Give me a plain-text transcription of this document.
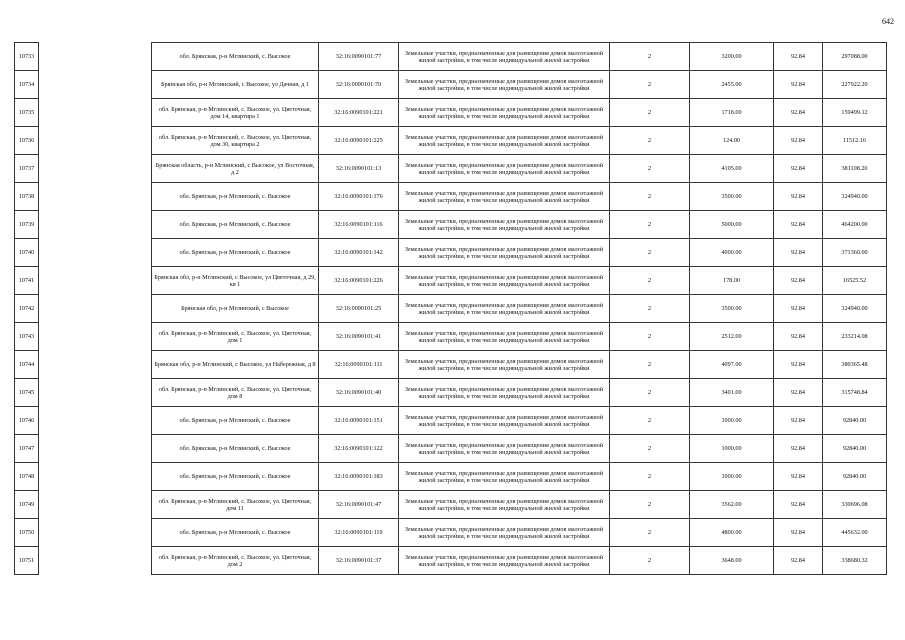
642
10733		обл. Брянская, р-н Мглинский, с. Высокое	32:16:0090101:77	Земельные участки, предназначенные для размещения домов малоэтажной жилой застройки, в том числе индивидуальной жилой застройки	2	3200.00	92.84	297088.00
10734		Брянская обл, р-н Мглинский, с Высокое, ул Дачная, д 1	32:16:0090101:70	Земельные участки, предназначенные для размещения домов малоэтажной жилой застройки, в том числе индивидуальной жилой застройки	2	2455.00	92.84	227922.20
10735		обл. Брянская, р-н Мглинский, с. Высокое, ул. Цветочная, дом 14, квартира 1	32:16:0090101:221	Земельные участки, предназначенные для размещения домов малоэтажной жилой застройки, в том числе индивидуальной жилой застройки	2	1718.00	92.84	159499.12
10736		обл. Брянская, р-н Мглинский, с. Высокое, ул. Цветочная, дом 30, квартира 2	32:16:0090101:225	Земельные участки, предназначенные для размещения домов малоэтажной жилой застройки, в том числе индивидуальной жилой застройки	2	124.00	92.84	11512.16
10737		Брянская область, р-н Мглинский, с Высокое, ул Восточная, д 2	32:16:0090101:13	Земельные участки, предназначенные для размещения домов малоэтажной жилой застройки, в том числе индивидуальной жилой застройки	2	4105.00	92.84	381108.20
10738		обл. Брянская, р-н Мглинский, с. Высокое	32:16:0090101:176	Земельные участки, предназначенные для размещения домов малоэтажной жилой застройки, в том числе индивидуальной жилой застройки	2	3500.00	92.84	324940.00
10739		обл. Брянская, р-н Мглинский, с. Высокое	32:16:0090101:116	Земельные участки, предназначенные для размещения домов малоэтажной жилой застройки, в том числе индивидуальной жилой застройки	2	5000.00	92.84	464200.00
10740		обл. Брянская, р-н Мглинский, с. Высокое	32:16:0090101:142	Земельные участки, предназначенные для размещения домов малоэтажной жилой застройки, в том числе индивидуальной жилой застройки	2	4000.00	92.84	371360.00
10741		Брянская обл, р-н Мглинский, с Высокое, ул Цветочная, д 29, кв 1	32:16:0090101:226	Земельные участки, предназначенные для размещения домов малоэтажной жилой застройки, в том числе индивидуальной жилой застройки	2	178.00	92.84	16525.52
10742		Брянская обл, р-н Мглинский, с Высокое	32:16:0090101:25	Земельные участки, предназначенные для размещения домов малоэтажной жилой застройки, в том числе индивидуальной жилой застройки	2	3500.00	92.84	324940.00
10743		обл. Брянская, р-н Мглинский, с. Высокое, ул. Цветочная, дом 1	32:16:0090101:41	Земельные участки, предназначенные для размещения домов малоэтажной жилой застройки, в том числе индивидуальной жилой застройки	2	2512.00	92.84	233214.08
10744		Брянская обл, р-н Мглинский, с Высокое, ул Набережная, д 8	32:16:0090101:111	Земельные участки, предназначенные для размещения домов малоэтажной жилой застройки, в том числе индивидуальной жилой застройки	2	4097.00	92.84	380365.48
10745		обл. Брянская, р-н Мглинский, с. Высокое, ул. Цветочная, дом 8	32:16:0090101:40	Земельные участки, предназначенные для размещения домов малоэтажной жилой застройки, в том числе индивидуальной жилой застройки	2	3401.00	92.84	315748.84
10746		обл. Брянская, р-н Мглинский, с. Высокое	32:16:0090101:151	Земельные участки, предназначенные для размещения домов малоэтажной жилой застройки, в том числе индивидуальной жилой застройки	2	1000.00	92.84	92840.00
10747		обл. Брянская, р-н Мглинский, с. Высокое	32:16:0090101:122	Земельные участки, предназначенные для размещения домов малоэтажной жилой застройки, в том числе индивидуальной жилой застройки	2	1000.00	92.84	92840.00
10748		обл. Брянская, р-н Мглинский, с. Высокое	32:16:0090101:183	Земельные участки, предназначенные для размещения домов малоэтажной жилой застройки, в том числе индивидуальной жилой застройки	2	1000.00	92.84	92840.00
10749		обл. Брянская, р-н Мглинский, с. Высокое, ул. Цветочная, дом 11	32:16:0090101:47	Земельные участки, предназначенные для размещения домов малоэтажной жилой застройки, в том числе индивидуальной жилой застройки	2	3562.00	92.84	330696.08
10750		обл. Брянская, р-н Мглинский, с. Высокое	32:16:0090101:119	Земельные участки, предназначенные для размещения домов малоэтажной жилой застройки, в том числе индивидуальной жилой застройки	2	4800.00	92.84	445632.00
10751		обл. Брянская, р-н Мглинский, с. Высокое, ул. Цветочная, дом 2	32:16:0090101:37	Земельные участки, предназначенные для размещения домов малоэтажной жилой застройки, в том числе индивидуальной жилой застройки	2	3648.00	92.84	338680.32
